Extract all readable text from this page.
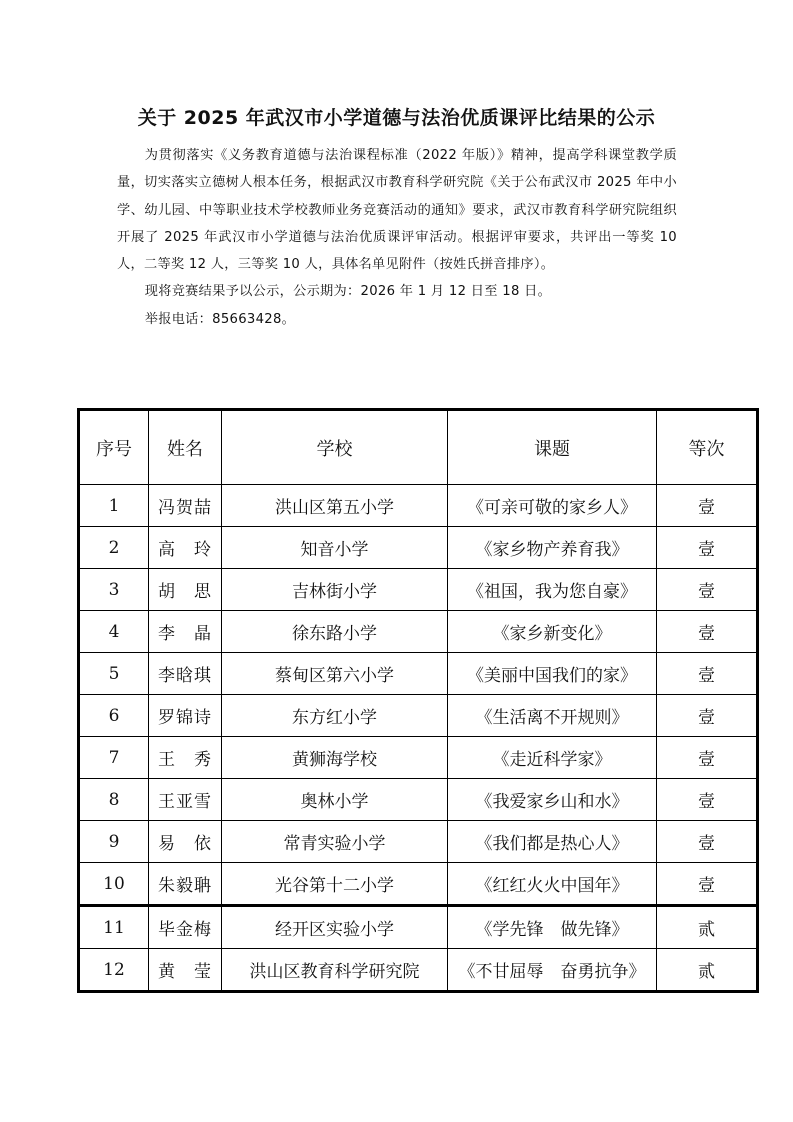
关于 2025 年武汉市小学道德与法治优质课评比结果的公示

为贯彻落实《义务教育道德与法治课程标准（2022 年版）》精神，提高学科课堂教学质量，切实落实立德树人根本任务，根据武汉市教育科学研究院《关于公布武汉市 2025 年中小学、幼儿园、中等职业技术学校教师业务竞赛活动的通知》要求，武汉市教育科学研究院组织开展了 2025 年武汉市小学道德与法治优质课评审活动。根据评审要求，共评出一等奖 10 人，二等奖 12 人，三等奖 10 人，具体名单见附件（按姓氏拼音排序）。

现将竞赛结果予以公示，公示期为：2026 年 1 月 12 日至 18 日。

举报电话：85663428。

序号	姓名	学校	课题	等次
1	冯贺喆	洪山区第五小学	《可亲可敬的家乡人》	壹
2	高　玲	知音小学	《家乡物产养育我》	壹
3	胡　思	吉林街小学	《祖国，我为您自豪》	壹
4	李　晶	徐东路小学	《家乡新变化》	壹
5	李晗琪	蔡甸区第六小学	《美丽中国我们的家》	壹
6	罗锦诗	东方红小学	《生活离不开规则》	壹
7	王　秀	黄狮海学校	《走近科学家》	壹
8	王亚雪	奥林小学	《我爱家乡山和水》	壹
9	易　依	常青实验小学	《我们都是热心人》	壹
10	朱毅聃	光谷第十二小学	《红红火火中国年》	壹
11	毕金梅	经开区实验小学	《学先锋　做先锋》	贰
12	黄　莹	洪山区教育科学研究院	《不甘屈辱　奋勇抗争》	贰
